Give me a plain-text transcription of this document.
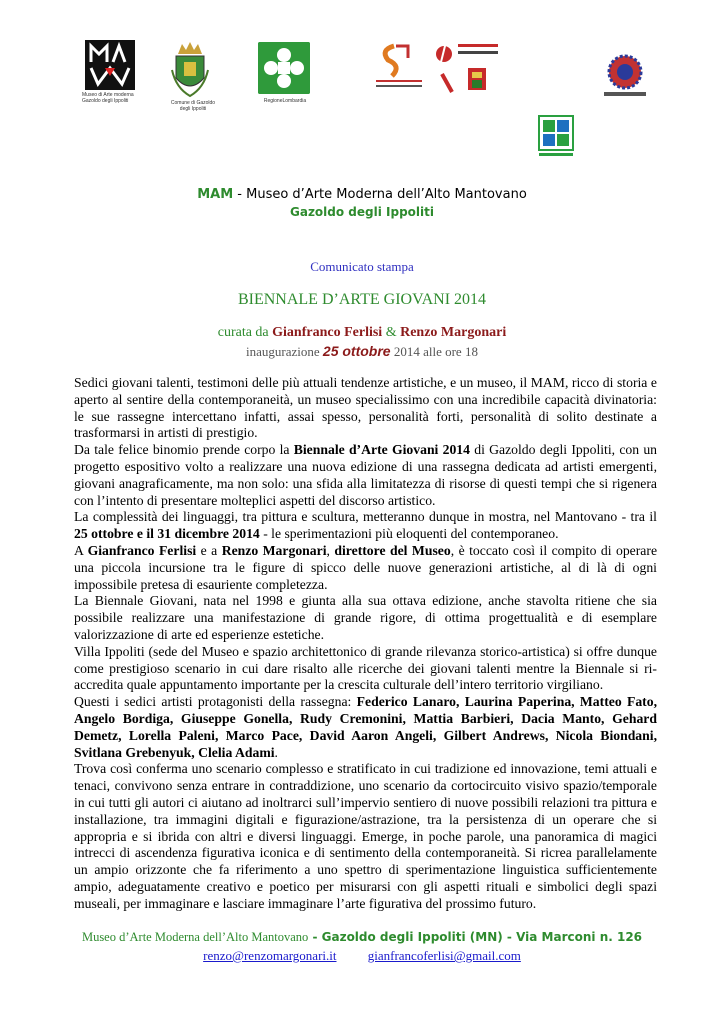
Museo di Arte moderna Gazoldo degli Ippoliti	Comune di Gazoldo degli Ippoliti
RegioneLombardia
MAM - Museo d’Arte Moderna dell’Alto Mantovano
Gazoldo degli Ippoliti
Comunicato stampa
BIENNALE D’ARTE GIOVANI 2014
curata da Gianfranco Ferlisi & Renzo Margonari
inaugurazione 25 ottobre 2014 alle ore 18

Sedici giovani talenti, testimoni delle più attuali tendenze artistiche, e un museo, il MAM, ricco di storia e aperto al sentire della contemporaneità, un museo specialissimo con una incredibile capacità divinatoria: le sue rassegne intercettano infatti, assai spesso, personalità forti, personalità di solito destinate a trasformarsi in artisti di prestigio.

Da tale felice binomio prende corpo la Biennale d’Arte Giovani 2014 di Gazoldo degli Ippoliti, con un progetto espositivo volto a realizzare una nuova edizione di una rassegna dedicata ad artisti emergenti, giovani anagraficamente, ma non solo: una sfida alla limitatezza di risorse di questi tempi che si rigenera con l’intento di presentare molteplici aspetti del discorso artistico.

La complessità dei linguaggi, tra pittura e scultura, metteranno dunque in mostra, nel Mantovano - tra il 25 ottobre e il 31 dicembre 2014 - le sperimentazioni più eloquenti del contemporaneo.

A Gianfranco Ferlisi e a Renzo Margonari, direttore del Museo, è toccato così il compito di operare una piccola incursione tra le figure di spicco delle nuove generazioni artistiche, al di là di ogni impossibile pretesa di esauriente completezza.

La Biennale Giovani, nata nel 1998 e giunta alla sua ottava edizione, anche stavolta ritiene che sia possibile realizzare una manifestazione di grande rigore, di ottima progettualità e di esemplare valorizzazione di arte ed esperienze estetiche.

Villa Ippoliti (sede del Museo e spazio architettonico di grande rilevanza storico-artistica) si offre dunque come prestigioso scenario in cui dare risalto alle ricerche dei giovani talenti mentre la Biennale si ri-accredita quale appuntamento importante per la crescita culturale dell’intero territorio virgiliano.

Questi i sedici artisti protagonisti della rassegna: Federico Lanaro, Laurina Paperina, Matteo Fato, Angelo Bordiga, Giuseppe Gonella, Rudy Cremonini, Mattia Barbieri, Dacia Manto, Gehard Demetz, Lorella Paleni, Marco Pace, David Aaron Angeli, Gilbert Andrews, Nicola Biondani, Svitlana Grebenyuk, Clelia Adami.

Trova così conferma uno scenario complesso e stratificato in cui tradizione ed innovazione, temi attuali e tenaci, convivono senza entrare in contraddizione, uno scenario da cortocircuito visivo spazio/temporale in cui tutti gli autori ci aiutano ad inoltrarci sull’impervio sentiero di nuove possibili relazioni tra pittura e installazione, tra immagini digitali e figurazione/astrazione, tra la persistenza di un operare che si appropria e si ibrida con altri e diversi linguaggi. Emerge, in poche parole, una panoramica di magici intrecci di ascendenza figurativa iconica e di sentimento della contemporaneità. Si ricrea parallelamente un ampio orizzonte che fa riferimento a uno spettro di sperimentazione linguistica sufficientemente ampio, adeguatamente creativo e poetico per misurarsi con gli aspetti rituali e simbolici degli spazi museali, per immaginare e lasciare immaginare l’arte figurativa del prossimo futuro.

Museo d’Arte Moderna dell’Alto Mantovano - Gazoldo degli Ippoliti (MN) - Via Marconi n. 126
renzo@renzomargonari.it gianfrancoferlisi@gmail.com
